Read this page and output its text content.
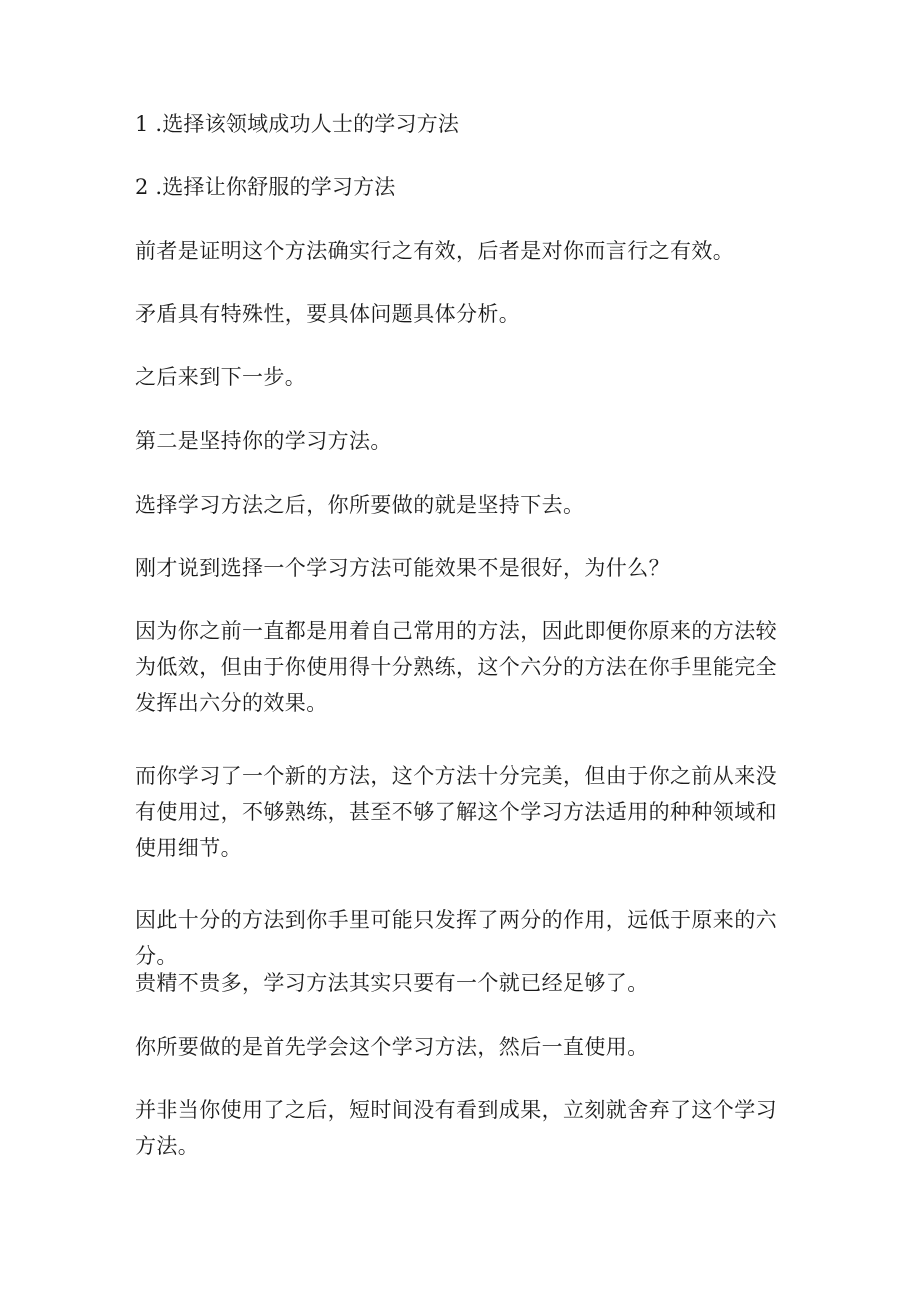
1 .选择该领域成功人士的学习方法

2 .选择让你舒服的学习方法

前者是证明这个方法确实行之有效，后者是对你而言行之有效。

矛盾具有特殊性，要具体问题具体分析。

之后来到下一步。

第二是坚持你的学习方法。

选择学习方法之后，你所要做的就是坚持下去。

刚才说到选择一个学习方法可能效果不是很好，为什么？

因为你之前一直都是用着自己常用的方法，因此即便你原来的方法较为低效，但由于你使用得十分熟练，这个六分的方法在你手里能完全发挥出六分的效果。

而你学习了一个新的方法，这个方法十分完美，但由于你之前从来没有使用过，不够熟练，甚至不够了解这个学习方法适用的种种领域和使用细节。

因此十分的方法到你手里可能只发挥了两分的作用，远低于原来的六分。

贵精不贵多，学习方法其实只要有一个就已经足够了。

你所要做的是首先学会这个学习方法，然后一直使用。

并非当你使用了之后，短时间没有看到成果，立刻就舍弃了这个学习方法。
